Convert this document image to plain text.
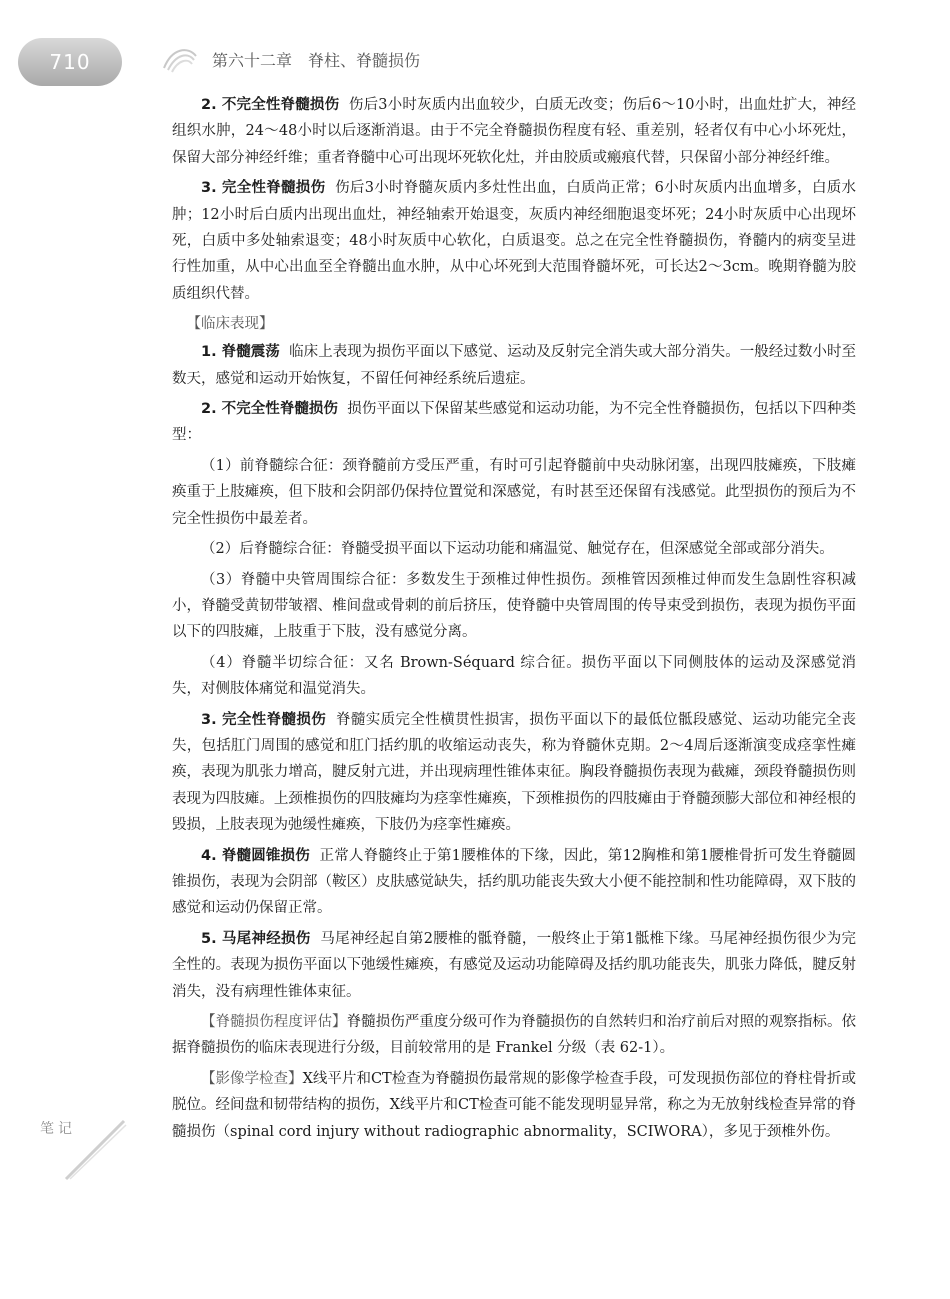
710	第六十二章　脊柱、脊髓损伤

2. 不完全性脊髓损伤 伤后3小时灰质内出血较少，白质无改变；伤后6～10小时，出血灶扩大，神经组织水肿，24～48小时以后逐渐消退。由于不完全脊髓损伤程度有轻、重差别，轻者仅有中心小坏死灶，保留大部分神经纤维；重者脊髓中心可出现坏死软化灶，并由胶质或瘢痕代替，只保留小部分神经纤维。

3. 完全性脊髓损伤 伤后3小时脊髓灰质内多灶性出血，白质尚正常；6小时灰质内出血增多，白质水肿；12小时后白质内出现出血灶，神经轴索开始退变，灰质内神经细胞退变坏死；24小时灰质中心出现坏死，白质中多处轴索退变；48小时灰质中心软化，白质退变。总之在完全性脊髓损伤，脊髓内的病变呈进行性加重，从中心出血至全脊髓出血水肿，从中心坏死到大范围脊髓坏死，可长达2～3cm。晚期脊髓为胶质组织代替。

【临床表现】

1. 脊髓震荡 临床上表现为损伤平面以下感觉、运动及反射完全消失或大部分消失。一般经过数小时至数天，感觉和运动开始恢复，不留任何神经系统后遗症。

2. 不完全性脊髓损伤 损伤平面以下保留某些感觉和运动功能，为不完全性脊髓损伤，包括以下四种类型：

（1）前脊髓综合征：颈脊髓前方受压严重，有时可引起脊髓前中央动脉闭塞，出现四肢瘫痪，下肢瘫痪重于上肢瘫痪，但下肢和会阴部仍保持位置觉和深感觉，有时甚至还保留有浅感觉。此型损伤的预后为不完全性损伤中最差者。

（2）后脊髓综合征：脊髓受损平面以下运动功能和痛温觉、触觉存在，但深感觉全部或部分消失。

（3）脊髓中央管周围综合征：多数发生于颈椎过伸性损伤。颈椎管因颈椎过伸而发生急剧性容积减小，脊髓受黄韧带皱褶、椎间盘或骨刺的前后挤压，使脊髓中央管周围的传导束受到损伤，表现为损伤平面以下的四肢瘫，上肢重于下肢，没有感觉分离。

（4）脊髓半切综合征：又名 Brown-Séquard 综合征。损伤平面以下同侧肢体的运动及深感觉消失，对侧肢体痛觉和温觉消失。

3. 完全性脊髓损伤 脊髓实质完全性横贯性损害，损伤平面以下的最低位骶段感觉、运动功能完全丧失，包括肛门周围的感觉和肛门括约肌的收缩运动丧失，称为脊髓休克期。2～4周后逐渐演变成痉挛性瘫痪，表现为肌张力增高，腱反射亢进，并出现病理性锥体束征。胸段脊髓损伤表现为截瘫，颈段脊髓损伤则表现为四肢瘫。上颈椎损伤的四肢瘫均为痉挛性瘫痪，下颈椎损伤的四肢瘫由于脊髓颈膨大部位和神经根的毁损，上肢表现为弛缓性瘫痪，下肢仍为痉挛性瘫痪。

4. 脊髓圆锥损伤 正常人脊髓终止于第1腰椎体的下缘，因此，第12胸椎和第1腰椎骨折可发生脊髓圆锥损伤，表现为会阴部（鞍区）皮肤感觉缺失，括约肌功能丧失致大小便不能控制和性功能障碍，双下肢的感觉和运动仍保留正常。

5. 马尾神经损伤 马尾神经起自第2腰椎的骶脊髓，一般终止于第1骶椎下缘。马尾神经损伤很少为完全性的。表现为损伤平面以下弛缓性瘫痪，有感觉及运动功能障碍及括约肌功能丧失，肌张力降低，腱反射消失，没有病理性锥体束征。

【脊髓损伤程度评估】脊髓损伤严重度分级可作为脊髓损伤的自然转归和治疗前后对照的观察指标。依据脊髓损伤的临床表现进行分级，目前较常用的是 Frankel 分级（表 62-1）。

【影像学检查】X线平片和CT检查为脊髓损伤最常规的影像学检查手段，可发现损伤部位的脊柱骨折或脱位。经间盘和韧带结构的损伤，X线平片和CT检查可能不能发现明显异常，称之为无放射线检查异常的脊髓损伤（spinal cord injury without radiographic abnormality，SCIWORA），多见于颈椎外伤。

笔记
